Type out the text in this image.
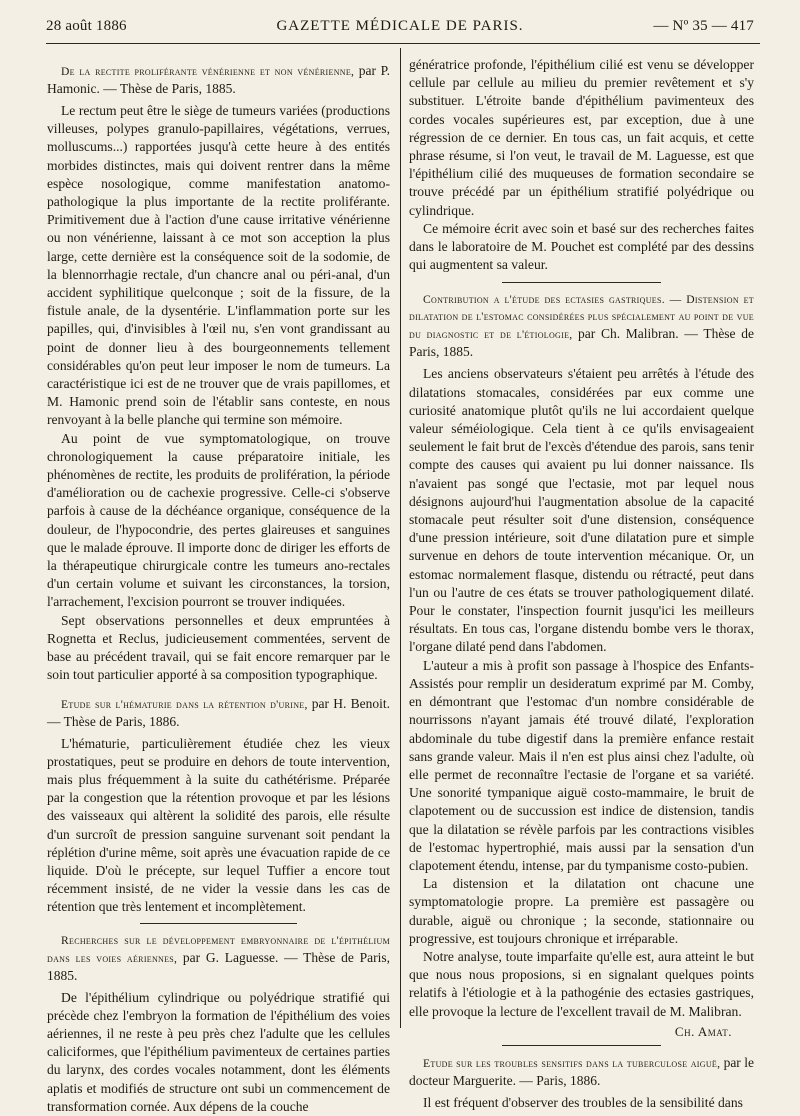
28 août 1886	GAZETTE MÉDICALE DE PARIS.	— Nº 35 — 417
De la rectite proliférante vénérienne et non vénérienne, par P. Hamonic. — Thèse de Paris, 1885.

Le rectum peut être le siège de tumeurs variées (productions villeuses, polypes granulo-papillaires, végétations, verrues, molluscums...) rapportées jusqu'à cette heure à des entités morbides distinctes, mais qui doivent rentrer dans la même espèce nosologique, comme manifestation anatomo-pathologique la plus importante de la rectite proliférante. Primitivement due à l'action d'une cause irritative vénérienne ou non vénérienne, laissant à ce mot son acception la plus large, cette dernière est la conséquence soit de la sodomie, de la blennorrhagie rectale, d'un chancre anal ou péri-anal, d'un accident syphilitique quelconque ; soit de la fissure, de la fistule anale, de la dysentérie. L'inflammation porte sur les papilles, qui, d'invisibles à l'œil nu, s'en vont grandissant au point de donner lieu à des bourgeonnements tellement considérables qu'on peut leur imposer le nom de tumeurs. La caractéristique ici est de ne trouver que de vrais papillomes, et M. Hamonic prend soin de l'établir sans conteste, en nous renvoyant à la belle planche qui termine son mémoire.

Au point de vue symptomatologique, on trouve chronologiquement la cause préparatoire initiale, les phénomènes de rectite, les produits de prolifération, la période d'amélioration ou de cachexie progressive. Celle-ci s'observe parfois à cause de la déchéance organique, conséquence de la douleur, de l'hypocondrie, des pertes glaireuses et sanguines que le malade éprouve. Il importe donc de diriger les efforts de la thérapeutique chirurgicale contre les tumeurs ano-rectales d'un certain volume et suivant les circonstances, la torsion, l'arrachement, l'excision pourront se trouver indiquées.

Sept observations personnelles et deux empruntées à Rognetta et Reclus, judicieusement commentées, servent de base au précédent travail, qui se fait encore remarquer par le soin tout particulier apporté à sa composition typographique.

Etude sur l'hématurie dans la rétention d'urine, par H. Benoit. — Thèse de Paris, 1886.

L'hématurie, particulièrement étudiée chez les vieux prostatiques, peut se produire en dehors de toute intervention, mais plus fréquemment à la suite du cathétérisme. Préparée par la congestion que la rétention provoque et par les lésions des vaisseaux qui altèrent la solidité des parois, elle résulte d'un surcroît de pression sanguine survenant soit pendant la réplétion d'urine même, soit après une évacuation rapide de ce liquide. D'où le précepte, sur lequel Tuffier a encore tout récemment insisté, de ne vider la vessie dans les cas de rétention que très lentement et incomplètement.

Recherches sur le développement embryonnaire de l'épithélium dans les voies aériennes, par G. Laguesse. — Thèse de Paris, 1885.

De l'épithélium cylindrique ou polyédrique stratifié qui précède chez l'embryon la formation de l'épithélium des voies aériennes, il ne reste à peu près chez l'adulte que les cellules caliciformes, que l'épithélium pavimenteux de certaines parties du larynx, des cordes vocales notamment, dont les éléments aplatis et modifiés de structure ont subi un commencement de transformation cornée. Aux dépens de la couche

génératrice profonde, l'épithélium cilié est venu se développer cellule par cellule au milieu du premier revêtement et s'y substituer. L'étroite bande d'épithélium pavimenteux des cordes vocales supérieures est, par exception, due à une régression de ce dernier. En tous cas, un fait acquis, et cette phrase résume, si l'on veut, le travail de M. Laguesse, est que l'épithélium cilié des muqueuses de formation secondaire se trouve précédé par un épithélium stratifié polyédrique ou cylindrique.

Ce mémoire écrit avec soin et basé sur des recherches faites dans le laboratoire de M. Pouchet est complété par des dessins qui augmentent sa valeur.

Contribution a l'étude des ectasies gastriques. — Distension et dilatation de l'estomac considérées plus spécialement au point de vue du diagnostic et de l'étiologie, par Ch. Malibran. — Thèse de Paris, 1885.

Les anciens observateurs s'étaient peu arrêtés à l'étude des dilatations stomacales, considérées par eux comme une curiosité anatomique plutôt qu'ils ne lui accordaient quelque valeur séméiologique. Cela tient à ce qu'ils envisageaient seulement le fait brut de l'excès d'étendue des parois, sans tenir compte des causes qui avaient pu lui donner naissance. Ils n'avaient pas songé que l'ectasie, mot par lequel nous désignons aujourd'hui l'augmentation absolue de la capacité stomacale peut résulter soit d'une distension, conséquence d'une pression intérieure, soit d'une dilatation pure et simple survenue en dehors de toute intervention mécanique. Or, un estomac normalement flasque, distendu ou rétracté, peut dans l'un ou l'autre de ces états se trouver pathologiquement dilaté. Pour le constater, l'inspection fournit jusqu'ici les meilleurs résultats. En tous cas, l'organe distendu bombe vers le thorax, l'organe dilaté pend dans l'abdomen.

L'auteur a mis à profit son passage à l'hospice des Enfants-Assistés pour remplir un desideratum exprimé par M. Comby, en démontrant que l'estomac d'un nombre considérable de nourrissons n'ayant jamais été trouvé dilaté, l'exploration abdominale du tube digestif dans la première enfance restait sans grande valeur. Mais il n'en est plus ainsi chez l'adulte, où elle permet de reconnaître l'ectasie de l'organe et sa variété. Une sonorité tympanique aiguë costo-mammaire, le bruit de clapotement ou de succussion est indice de distension, tandis que la dilatation se révèle parfois par les contractions visibles de l'estomac hypertrophié, mais aussi par la sensation d'un clapotement étendu, intense, par du tympanisme costo-pubien.

La distension et la dilatation ont chacune une symptomatologie propre. La première est passagère ou durable, aiguë ou chronique ; la seconde, stationnaire ou progressive, est toujours chronique et irréparable.

Notre analyse, toute imparfaite qu'elle est, aura atteint le but que nous nous proposions, si en signalant quelques points relatifs à l'étiologie et à la pathogénie des ectasies gastriques, elle provoque la lecture de l'excellent travail de M. Malibran.

Ch. Amat.
Etude sur les troubles sensitifs dans la tuberculose aiguë, par le docteur Marguerite. — Paris, 1886.

Il est fréquent d'observer des troubles de la sensibilité dans
